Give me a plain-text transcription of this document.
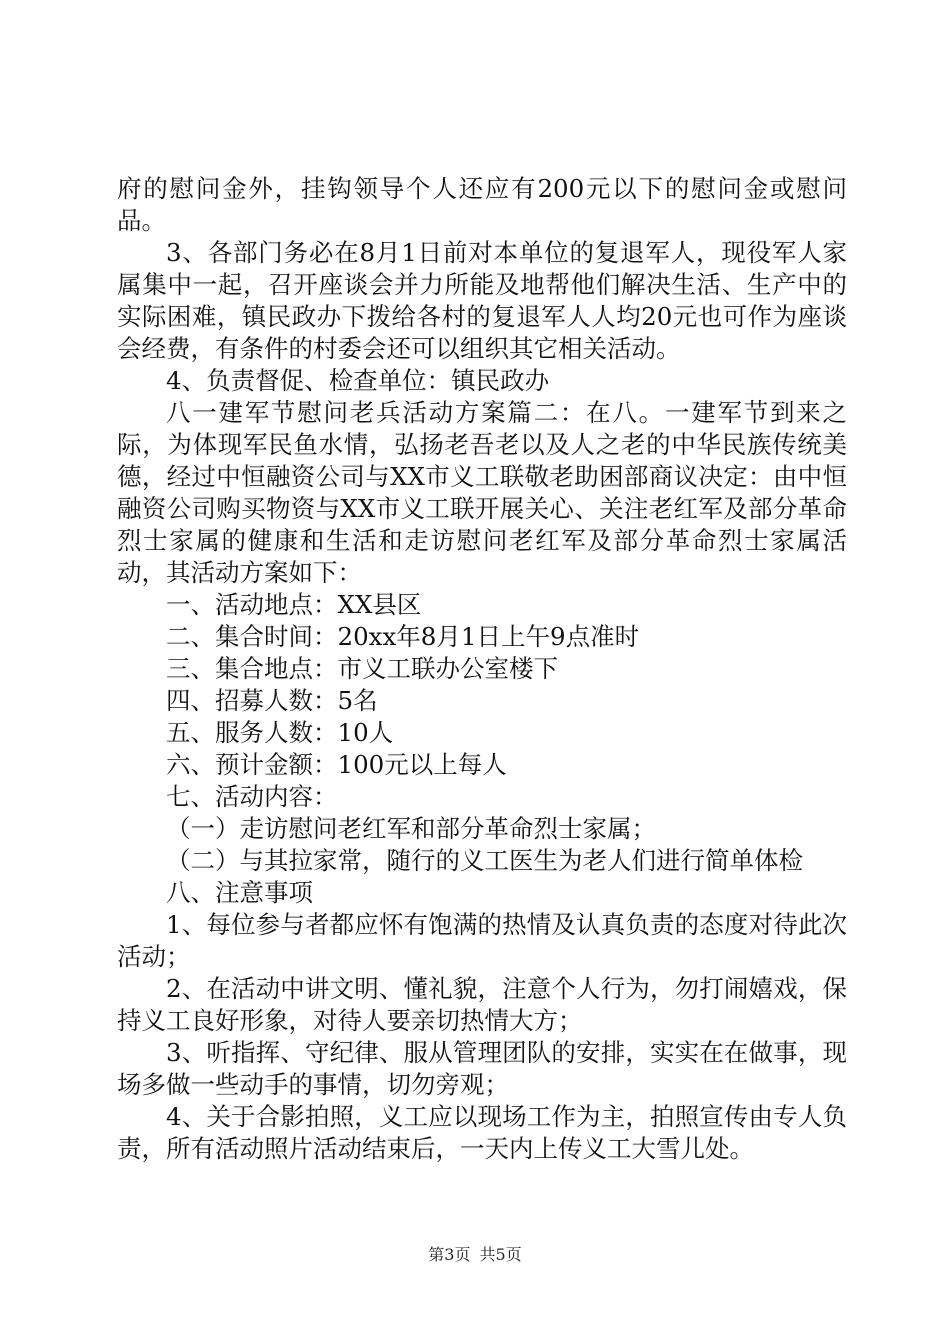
府的慰问金外，挂钩领导个人还应有200元以下的慰问金或慰问品。

3、各部门务必在8月1日前对本单位的复退军人，现役军人家属集中一起，召开座谈会并力所能及地帮他们解决生活、生产中的实际困难，镇民政办下拨给各村的复退军人人均20元也可作为座谈会经费，有条件的村委会还可以组织其它相关活动。

4、负责督促、检查单位：镇民政办

八一建军节慰问老兵活动方案篇二：在八。一建军节到来之际，为体现军民鱼水情，弘扬老吾老以及人之老的中华民族传统美德，经过中恒融资公司与XX市义工联敬老助困部商议决定：由中恒融资公司购买物资与XX市义工联开展关心、关注老红军及部分革命烈士家属的健康和生活和走访慰问老红军及部分革命烈士家属活动，其活动方案如下：

一、活动地点：XX县区

二、集合时间：20xx年8月1日上午9点准时

三、集合地点：市义工联办公室楼下

四、招募人数：5名

五、服务人数：10人

六、预计金额：100元以上每人

七、活动内容：

（一）走访慰问老红军和部分革命烈士家属；

（二）与其拉家常，随行的义工医生为老人们进行简单体检

八、注意事项

1、每位参与者都应怀有饱满的热情及认真负责的态度对待此次活动；

2、在活动中讲文明、懂礼貌，注意个人行为，勿打闹嬉戏，保持义工良好形象，对待人要亲切热情大方；

3、听指挥、守纪律、服从管理团队的安排，实实在在做事，现场多做一些动手的事情，切勿旁观；

4、关于合影拍照，义工应以现场工作为主，拍照宣传由专人负责，所有活动照片活动结束后，一天内上传义工大雪儿处。

第3页 共5页
